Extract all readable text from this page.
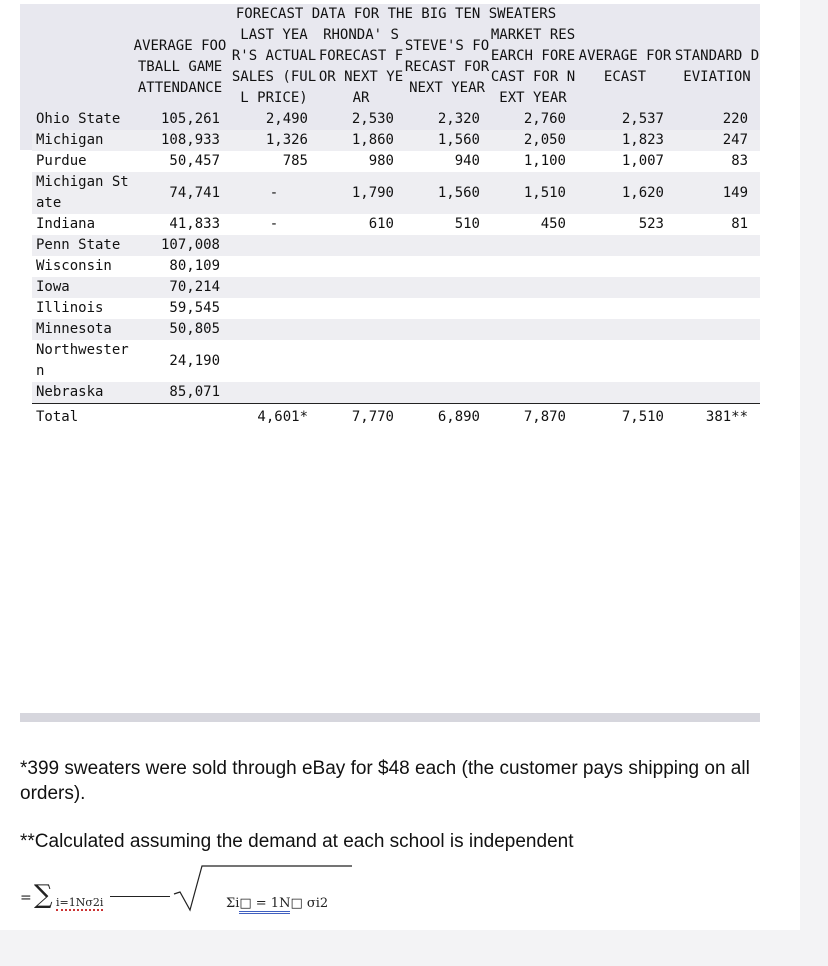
FORECAST DATA FOR THE BIG TEN SWEATERS							

	AVERAGE FOOTBALL GAME ATTENDANCE	LAST YEAR'S ACTUAL SALES (FULL PRICE)	RHONDA' S FORECAST FOR NEXT YEAR	STEVE'S FORECAST FOR NEXT YEAR	MARKET RESEARCH FORECAST FOR NEXT YEAR	AVERAGE FORECAST	STANDARD DEVIATION

Ohio State	105,261	2,490	2,530	2,320	2,760	2,537	220
Michigan	108,933	1,326	1,860	1,560	2,050	1,823	247
Purdue	50,457	785	980	940	1,100	1,007	83
Michigan State	74,741	-	1,790	1,560	1,510	1,620	149
Indiana	41,833	-	610	510	450	523	81
Penn State	107,008						
Wisconsin	80,109						
Iowa	70,214						
Illinois	59,545						
Minnesota	50,805						
Northwestern	24,190						
Nebraska	85,071						
Total		4,601*	7,770	6,890	7,870	7,510	381**
*399 sweaters were sold through eBay for $48 each (the customer pays shipping on all orders).
**Calculated assuming the demand at each school is independent
= ∑ i=1Nσ2i	Σi□ = 1N□ σi2
